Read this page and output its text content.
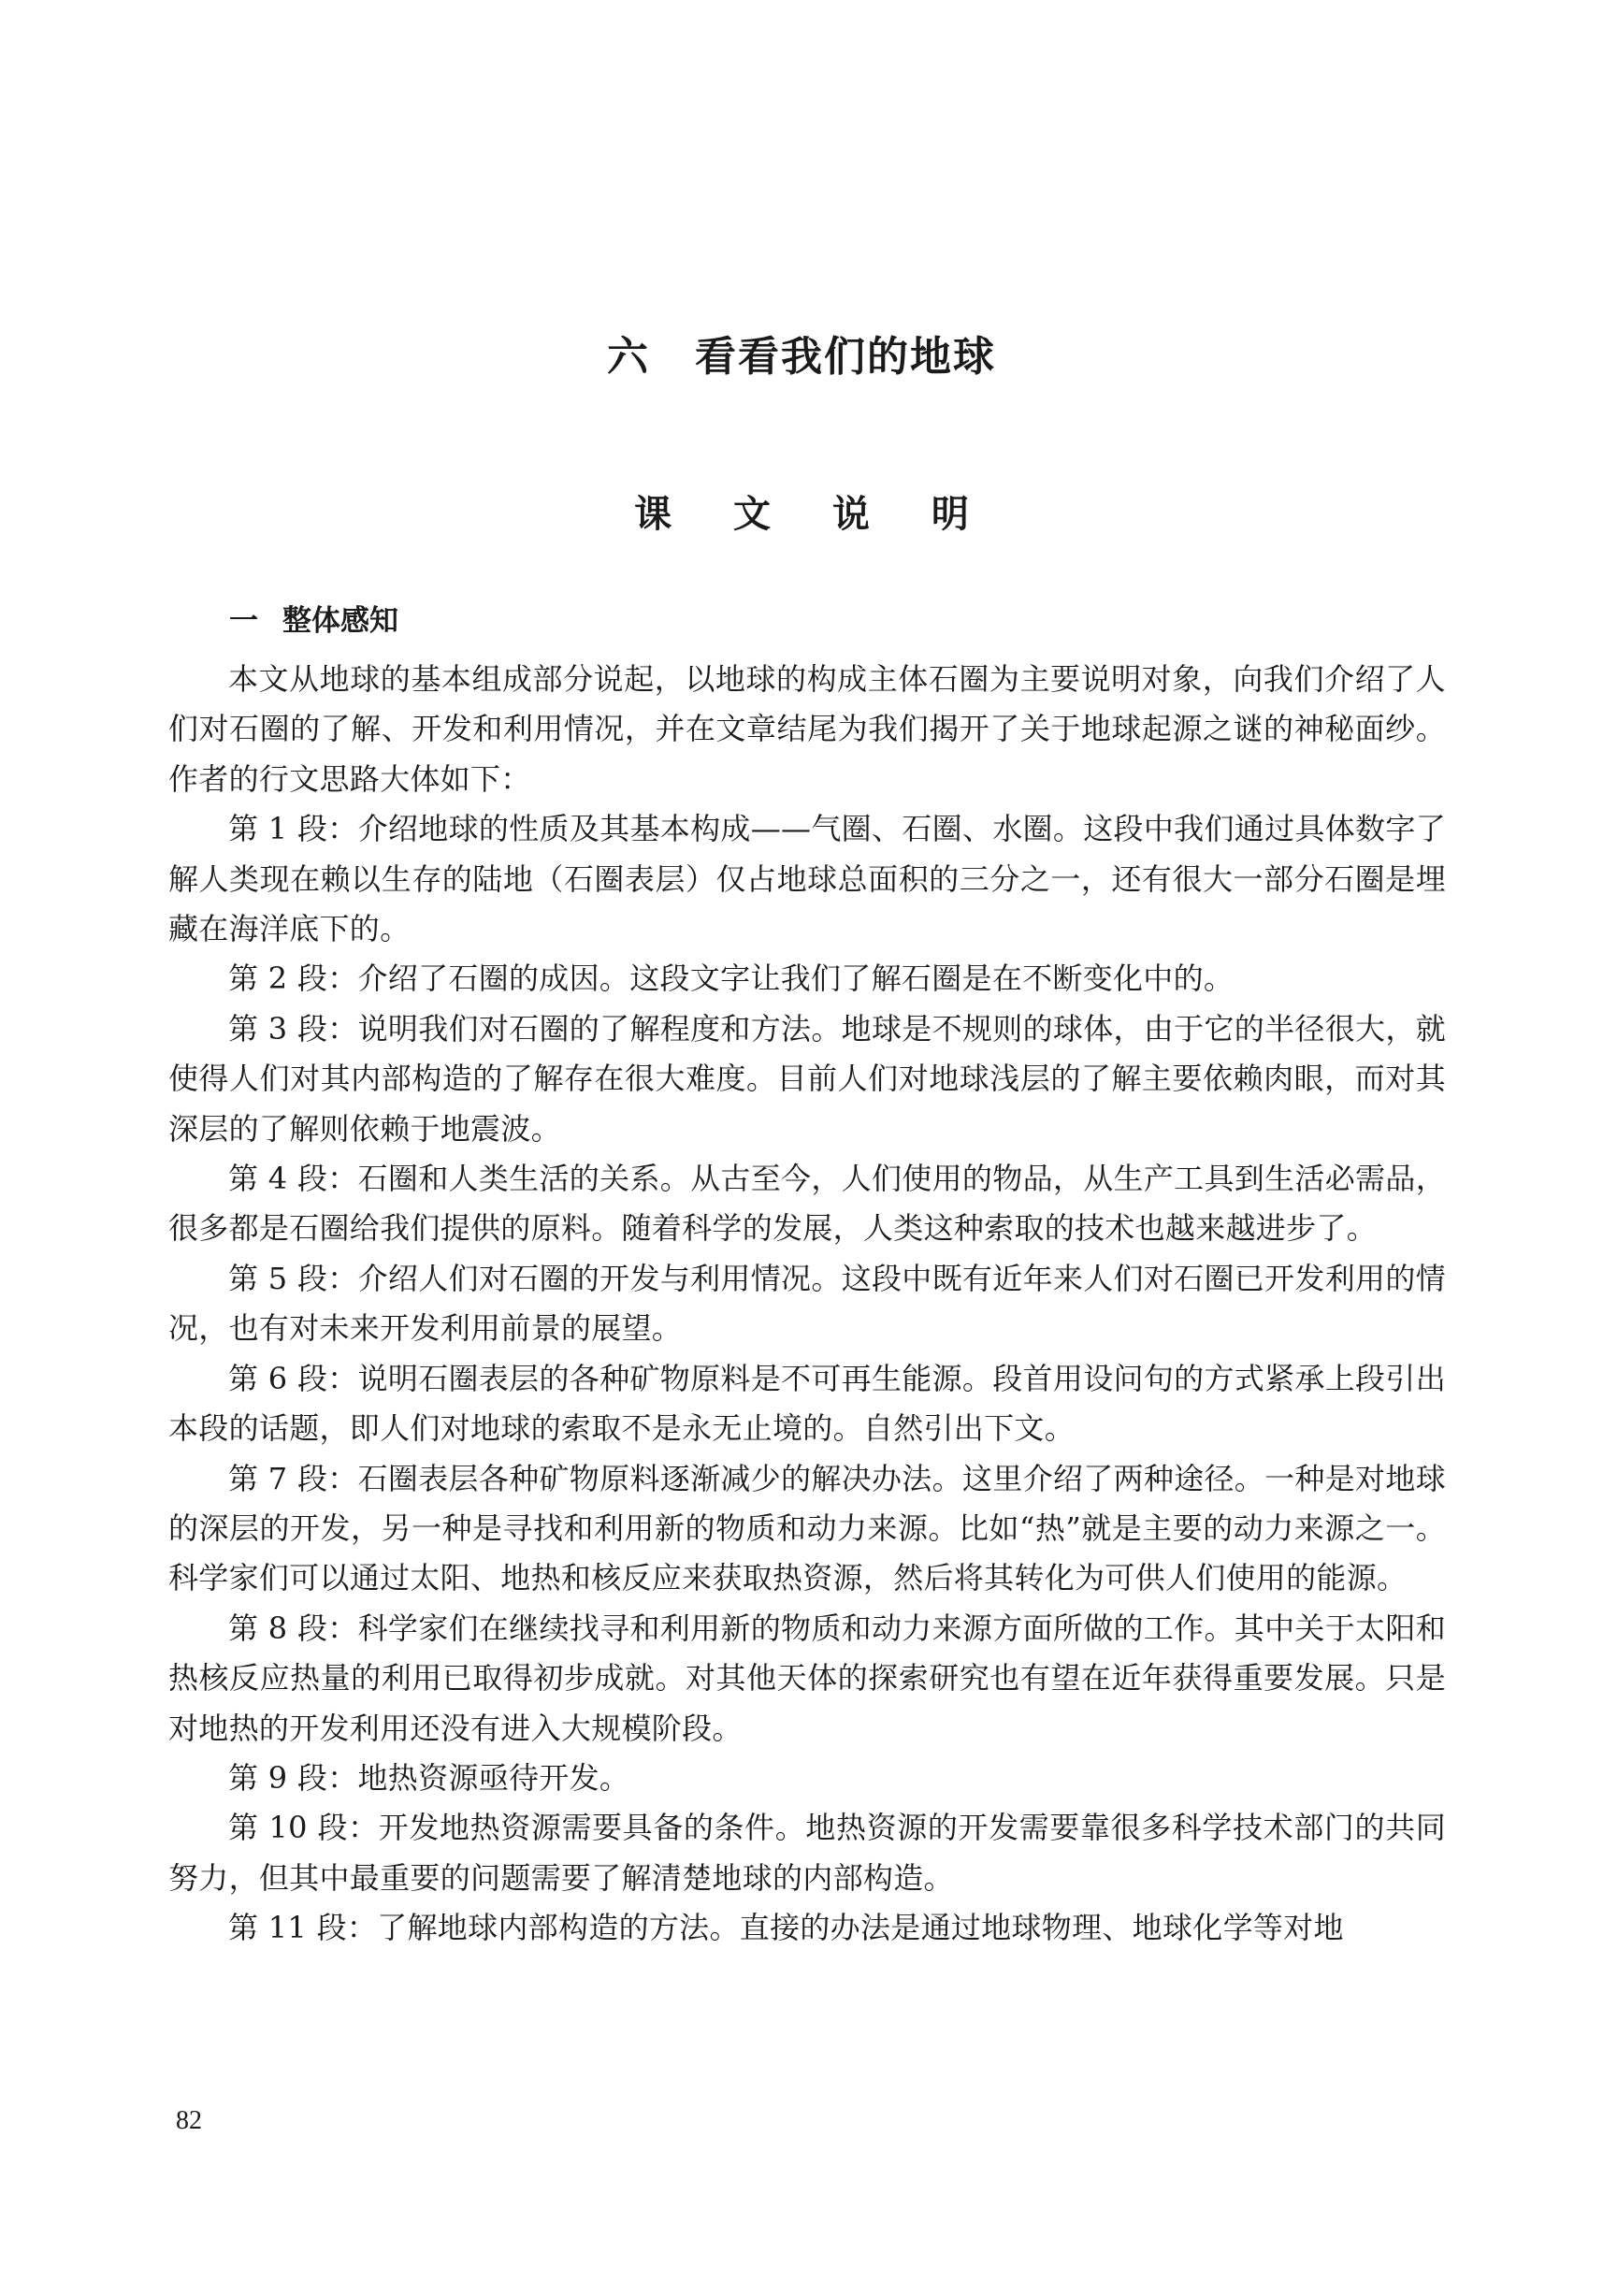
六 看看我们的地球
课 文 说 明
一 整体感知

本文从地球的基本组成部分说起，以地球的构成主体石圈为主要说明对象，向我们介绍了人们对石圈的了解、开发和利用情况，并在文章结尾为我们揭开了关于地球起源之谜的神秘面纱。作者的行文思路大体如下：

第 1 段：介绍地球的性质及其基本构成——气圈、石圈、水圈。这段中我们通过具体数字了解人类现在赖以生存的陆地（石圈表层）仅占地球总面积的三分之一，还有很大一部分石圈是埋藏在海洋底下的。

第 2 段：介绍了石圈的成因。这段文字让我们了解石圈是在不断变化中的。

第 3 段：说明我们对石圈的了解程度和方法。地球是不规则的球体，由于它的半径很大，就使得人们对其内部构造的了解存在很大难度。目前人们对地球浅层的了解主要依赖肉眼，而对其深层的了解则依赖于地震波。

第 4 段：石圈和人类生活的关系。从古至今，人们使用的物品，从生产工具到生活必需品，很多都是石圈给我们提供的原料。随着科学的发展，人类这种索取的技术也越来越进步了。

第 5 段：介绍人们对石圈的开发与利用情况。这段中既有近年来人们对石圈已开发利用的情况，也有对未来开发利用前景的展望。

第 6 段：说明石圈表层的各种矿物原料是不可再生能源。段首用设问句的方式紧承上段引出本段的话题，即人们对地球的索取不是永无止境的。自然引出下文。

第 7 段：石圈表层各种矿物原料逐渐减少的解决办法。这里介绍了两种途径。一种是对地球的深层的开发，另一种是寻找和利用新的物质和动力来源。比如“热”就是主要的动力来源之一。科学家们可以通过太阳、地热和核反应来获取热资源，然后将其转化为可供人们使用的能源。

第 8 段：科学家们在继续找寻和利用新的物质和动力来源方面所做的工作。其中关于太阳和热核反应热量的利用已取得初步成就。对其他天体的探索研究也有望在近年获得重要发展。只是对地热的开发利用还没有进入大规模阶段。

第 9 段：地热资源亟待开发。

第 10 段：开发地热资源需要具备的条件。地热资源的开发需要靠很多科学技术部门的共同努力，但其中最重要的问题需要了解清楚地球的内部构造。

第 11 段：了解地球内部构造的方法。直接的办法是通过地球物理、地球化学等对地

82
